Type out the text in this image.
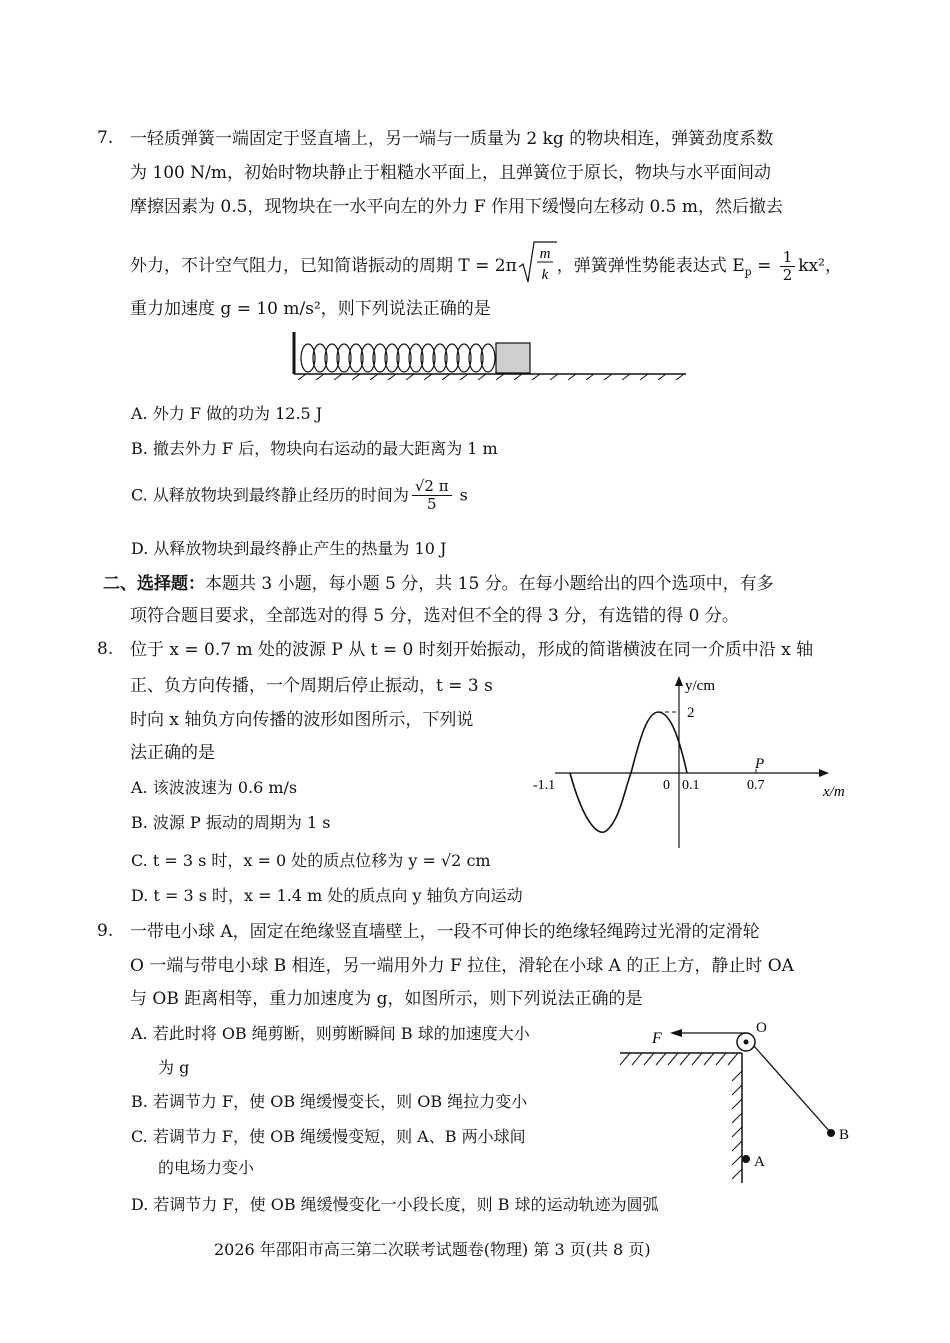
7. 一轻质弹簧一端固定于竖直墙上，另一端与一质量为 2 kg 的物块相连，弹簧劲度系数
为 100 N/m，初始时物块静止于粗糙水平面上，且弹簧位于原长，物块与水平面间动
摩擦因素为 0.5，现物块在一水平向左的外力 F 作用下缓慢向左移动 0.5 m，然后撤去
外力，不计空气阻力，已知简谐振动的周期 T = 2π
m
k ，弹簧弹性势能表达式 $E_p = \frac{1}{2} kx^2$，
重力加速度 g = 10 m/s²，则下列说法正确的是
A. 外力 F 做的功为 12.5 J
B. 撤去外力 F 后，物块向右运动的最大距离为 1 m
C. 从释放物块到最终静止经历的时间为 $\frac{√2 \pi}{5}$ s
D. 从释放物块到最终静止产生的热量为 10 J
二、选择题：本题共 3 小题，每小题 5 分，共 15 分。在每小题给出的四个选项中，有多
项符合题目要求，全部选对的得 5 分，选对但不全的得 3 分，有选错的得 0 分。
8. 位于 x = 0.7 m 处的波源 P 从 t = 0 时刻开始振动，形成的简谐横波在同一介质中沿 x 轴
正、负方向传播，一个周期后停止振动，t = 3 s
时向 x 轴负方向传播的波形如图所示，下列说
法正确的是
A. 该波波速为 0.6 m/s
B. 波源 P 振动的周期为 1 s
C. t = 3 s 时，x = 0 处的质点位移为 y = √2 cm
D. t = 3 s 时，x = 1.4 m 处的质点向 y 轴负方向运动
2
y/cm
x/m
-1.1	0 0.1	0.7
P
9. 一带电小球 A，固定在绝缘竖直墙壁上，一段不可伸长的绝缘轻绳跨过光滑的定滑轮
O 一端与带电小球 B 相连，另一端用外力 F 拉住，滑轮在小球 A 的正上方，静止时 OA
与 OB 距离相等，重力加速度为 g，如图所示，则下列说法正确的是
A. 若此时将 OB 绳剪断，则剪断瞬间 B 球的加速度大小
为 g
B. 若调节力 F，使 OB 绳缓慢变长，则 OB 绳拉力变小
C. 若调节力 F，使 OB 绳缓慢变短，则 A、B 两小球间
的电场力变小
D. 若调节力 F，使 OB 绳缓慢变化一小段长度，则 B 球的运动轨迹为圆弧
F
O
B
A
2026 年邵阳市高三第二次联考试题卷(物理) 第 3 页(共 8 页)
